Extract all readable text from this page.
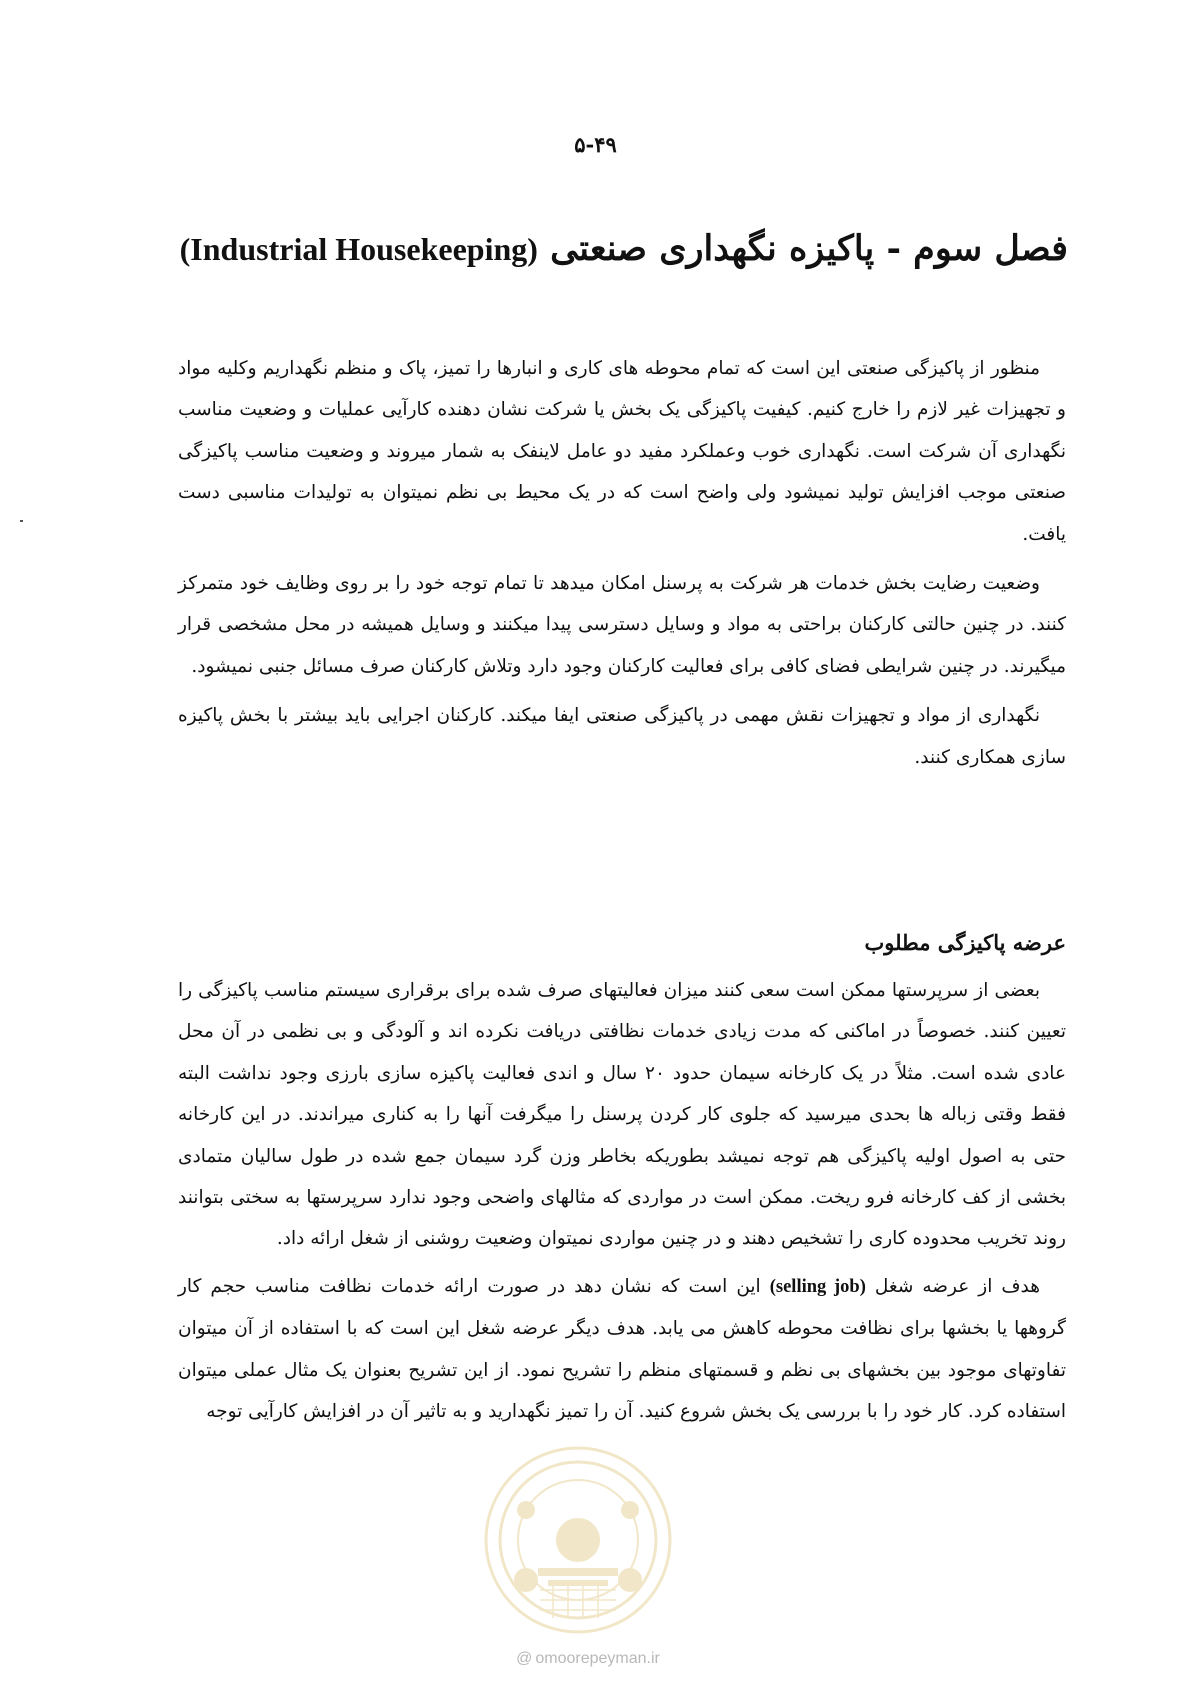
۵-۴۹
فصل سوم - پاکیزه نگهداری صنعتی (Industrial Housekeeping)

منظور از پاکیزگی صنعتی این است که تمام محوطه های کاری و انبارها را تمیز، پاک و منظم نگهداریم وکلیه مواد و تجهیزات غیر لازم را خارج کنیم. کیفیت پاکیزگی یک بخش یا شرکت نشان دهنده کارآیی عملیات و وضعیت مناسب نگهداری آن شرکت است. نگهداری خوب وعملکرد مفید دو عامل لاینفک به شمار میروند و وضعیت مناسب پاکیزگی صنعتی موجب افزایش تولید نمیشود ولی واضح است که در یک محیط بی نظم نمیتوان به تولیدات مناسبی دست یافت.

وضعیت رضایت بخش خدمات هر شرکت به پرسنل امکان میدهد تا تمام توجه خود را بر روی وظایف خود متمرکز کنند. در چنین حالتی کارکنان براحتی به مواد و وسایل دسترسی پیدا میکنند و وسایل همیشه در محل مشخصی قرار میگیرند. در چنین شرایطی فضای کافی برای فعالیت کارکنان وجود دارد وتلاش کارکنان صرف مسائل جنبی نمیشود.

نگهداری از مواد و تجهیزات نقش مهمی در پاکیزگی صنعتی ایفا میکند. کارکنان اجرایی باید بیشتر با بخش پاکیزه سازی همکاری کنند.

عرضه پاکیزگی مطلوب

بعضی از سرپرستها ممکن است سعی کنند میزان فعالیتهای صرف شده برای برقراری سیستم مناسب پاکیزگی را تعیین کنند. خصوصاً در اماکنی که مدت زیادی خدمات نظافتی دریافت نکرده اند و آلودگی و بی نظمی در آن محل عادی شده است. مثلاً در یک کارخانه سیمان حدود ۲۰ سال و اندی فعالیت پاکیزه سازی بارزی وجود نداشت البته فقط وقتی زباله ها بحدی میرسید که جلوی کار کردن پرسنل را میگرفت آنها را به کناری میراندند. در این کارخانه حتی به اصول اولیه پاکیزگی هم توجه نمیشد بطوریکه بخاطر وزن گرد سیمان جمع شده در طول سالیان متمادی بخشی از کف کارخانه فرو ریخت. ممکن است در مواردی که مثالهای واضحی وجود ندارد سرپرستها به سختی بتوانند روند تخریب محدوده کاری را تشخیص دهند و در چنین مواردی نمیتوان وضعیت روشنی از شغل ارائه داد.

هدف از عرضه شغل (selling job) این است که نشان دهد در صورت ارائه خدمات نظافت مناسب حجم کار گروهها یا بخشها برای نظافت محوطه کاهش می یابد. هدف دیگر عرضه شغل این است که با استفاده از آن میتوان تفاوتهای موجود بین بخشهای بی نظم و قسمتهای منظم را تشریح نمود. از این تشریح بعنوان یک مثال عملی میتوان استفاده کرد. کار خود را با بررسی یک بخش شروع کنید. آن را تمیز نگهدارید و به تاثیر آن در افزایش کارآیی توجه

@ omoorepeyman.ir
